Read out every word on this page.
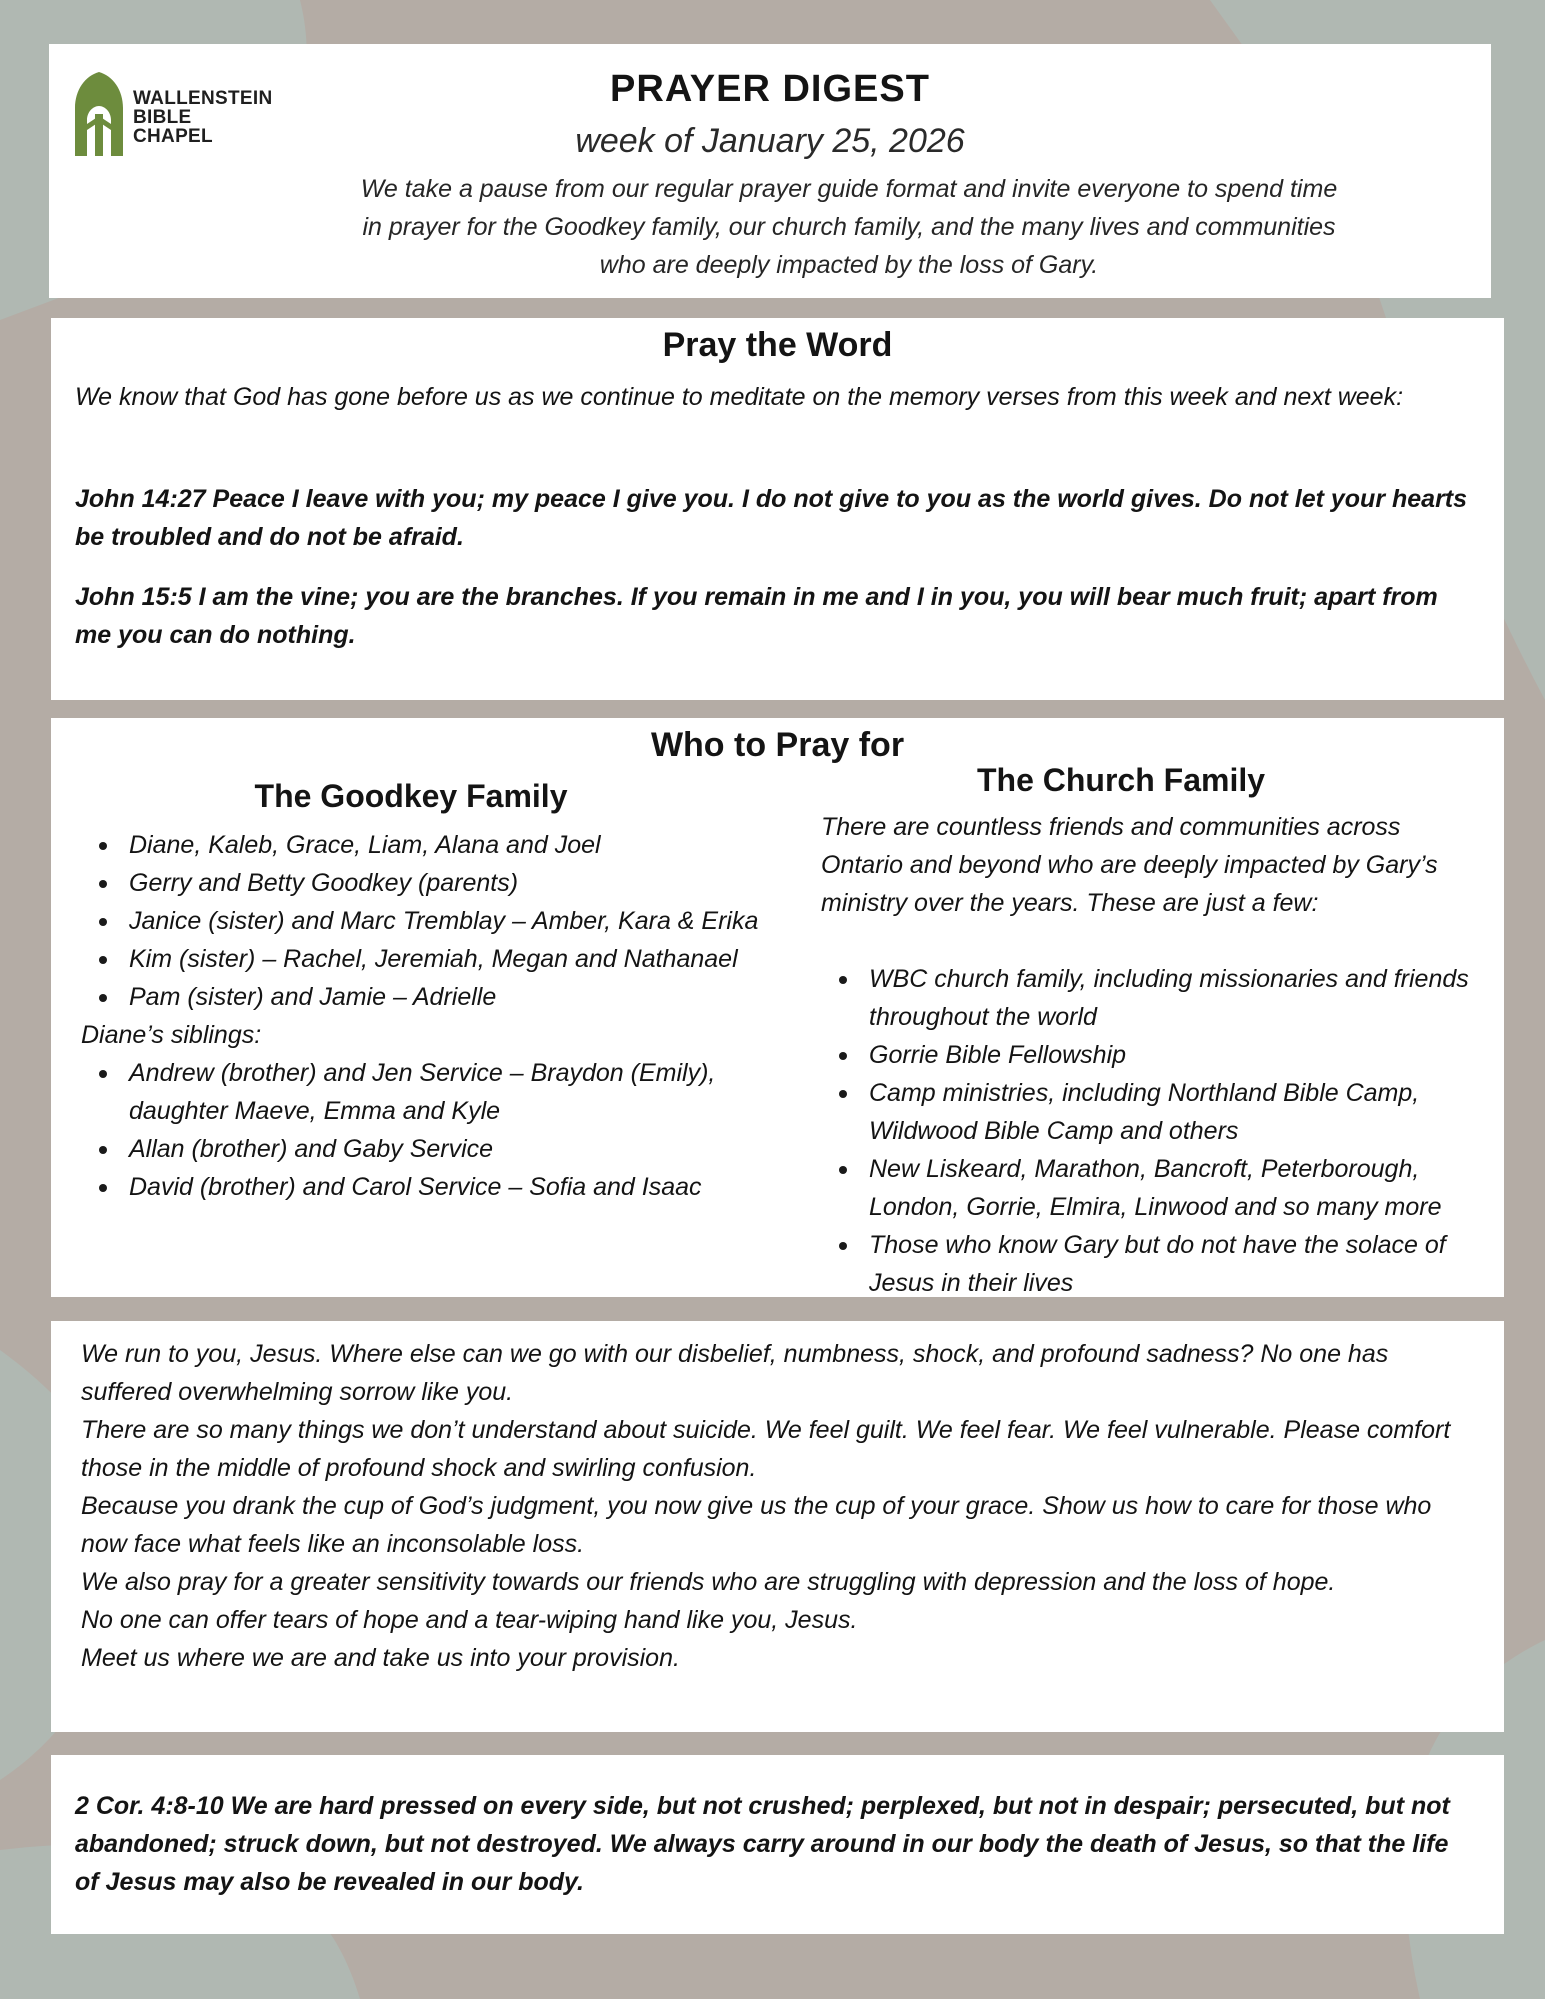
WALLENSTEIN
BIBLE
CHAPEL
PRAYER DIGEST
week of January 25, 2026
We take a pause from our regular prayer guide format and invite everyone to spend time in prayer for the Goodkey family, our church family, and the many lives and communities who are deeply impacted by the loss of Gary.
Pray the Word
We know that God has gone before us as we continue to meditate on the memory verses from this week and next week:
John 14:27 Peace I leave with you; my peace I give you. I do not give to you as the world gives. Do not let your hearts be troubled and do not be afraid.
John 15:5 I am the vine; you are the branches. If you remain in me and I in you, you will bear much fruit; apart from me you can do nothing.
Who to Pray for
The Goodkey Family
Diane, Kaleb, Grace, Liam, Alana and Joel
Gerry and Betty Goodkey (parents)
Janice (sister) and Marc Tremblay – Amber, Kara & Erika
Kim (sister) – Rachel, Jeremiah, Megan and Nathanael
Pam (sister) and Jamie – Adrielle
Diane’s siblings:
Andrew (brother) and Jen Service – Braydon (Emily), daughter Maeve, Emma and Kyle
Allan (brother) and Gaby Service
David (brother) and Carol Service – Sofia and Isaac
The Church Family
There are countless friends and communities across Ontario and beyond who are deeply impacted by Gary’s ministry over the years. These are just a few:
WBC church family, including missionaries and friends throughout the world
Gorrie Bible Fellowship
Camp ministries, including Northland Bible Camp, Wildwood Bible Camp and others
New Liskeard, Marathon, Bancroft, Peterborough, London, Gorrie, Elmira, Linwood and so many more
Those who know Gary but do not have the solace of Jesus in their lives
We run to you, Jesus. Where else can we go with our disbelief, numbness, shock, and profound sadness? No one has suffered overwhelming sorrow like you.
There are so many things we don’t understand about suicide. We feel guilt. We feel fear. We feel vulnerable. Please comfort those in the middle of profound shock and swirling confusion.
Because you drank the cup of God’s judgment, you now give us the cup of your grace. Show us how to care for those who now face what feels like an inconsolable loss.
We also pray for a greater sensitivity towards our friends who are struggling with depression and the loss of hope.
No one can offer tears of hope and a tear-wiping hand like you, Jesus.
Meet us where we are and take us into your provision.
2 Cor. 4:8-10 We are hard pressed on every side, but not crushed; perplexed, but not in despair; persecuted, but not abandoned; struck down, but not destroyed. We always carry around in our body the death of Jesus, so that the life of Jesus may also be revealed in our body.
